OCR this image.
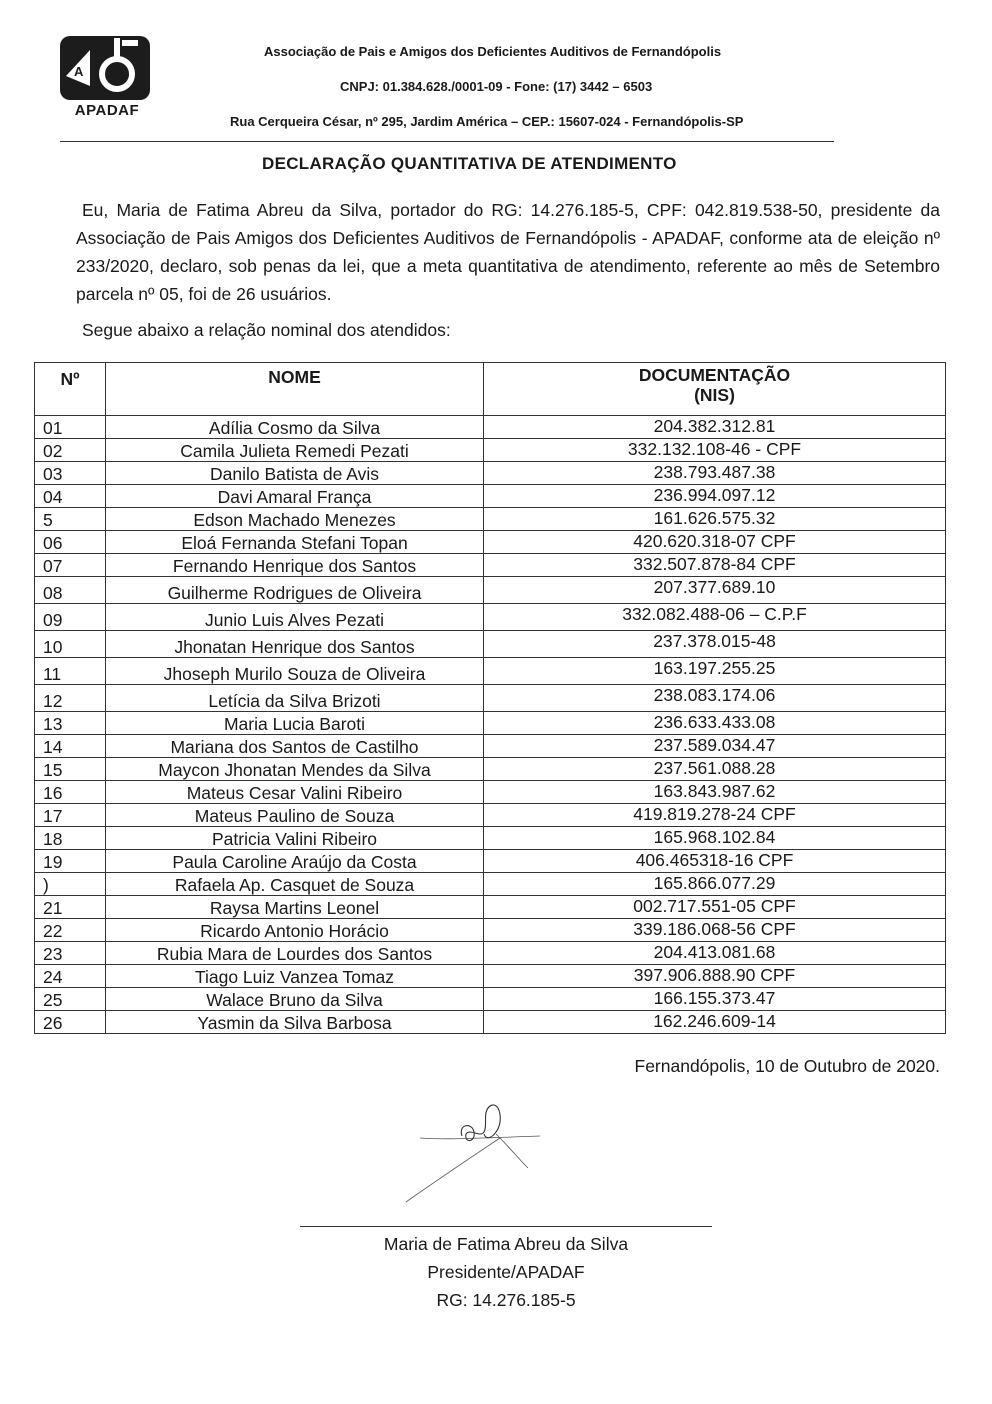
A
APADAF
Associação de Pais e Amigos dos Deficientes Auditivos de Fernandópolis
CNPJ: 01.384.628./0001-09 - Fone: (17) 3442 – 6503
Rua Cerqueira César, nº 295, Jardim América – CEP.: 15607-024 - Fernandópolis-SP
DECLARAÇÃO QUANTITATIVA DE ATENDIMENTO

Eu, Maria de Fatima Abreu da Silva, portador do RG: 14.276.185-5, CPF: 042.819.538-50, presidente da Associação de Pais Amigos dos Deficientes Auditivos de Fernandópolis - APADAF, conforme ata de eleição nº 233/2020, declaro, sob penas da lei, que a meta quantitativa de atendimento, referente ao mês de Setembro parcela nº 05, foi de 26 usuários.

Segue abaixo a relação nominal dos atendidos:
Nº	NOME	DOCUMENTAÇÃO
(NIS)

01	Adília Cosmo da Silva	204.382.312.81
02	Camila Julieta Remedi Pezati	332.132.108-46 - CPF
03	Danilo Batista de Avis	238.793.487.38
04	Davi Amaral França	236.994.097.12
5	Edson Machado Menezes	161.626.575.32
06	Eloá Fernanda Stefani Topan	420.620.318-07 CPF
07	Fernando Henrique dos Santos	332.507.878-84 CPF
08	Guilherme Rodrigues de Oliveira	207.377.689.10
09	Junio Luis Alves Pezati	332.082.488-06 – C.P.F
10	Jhonatan Henrique dos Santos	237.378.015-48
11	Jhoseph Murilo Souza de Oliveira	163.197.255.25
12	Letícia da Silva Brizoti	238.083.174.06
13	Maria Lucia Baroti	236.633.433.08
14	Mariana dos Santos de Castilho	237.589.034.47
15	Maycon Jhonatan Mendes da Silva	237.561.088.28
16	Mateus Cesar Valini Ribeiro	163.843.987.62
17	Mateus Paulino de Souza	419.819.278-24 CPF
18	Patricia Valini Ribeiro	165.968.102.84
19	Paula Caroline Araújo da Costa	406.465318-16 CPF
)	Rafaela Ap. Casquet de Souza	165.866.077.29
21	Raysa Martins Leonel	002.717.551-05 CPF
22	Ricardo Antonio Horácio	339.186.068-56 CPF
23	Rubia Mara de Lourdes dos Santos	204.413.081.68
24	Tiago Luiz Vanzea Tomaz	397.906.888.90 CPF
25	Walace Bruno da Silva	166.155.373.47
26	Yasmin da Silva Barbosa	162.246.609-14
Fernandópolis, 10 de Outubro de 2020.
Maria de Fatima Abreu da Silva
Presidente/APADAF
RG: 14.276.185-5
